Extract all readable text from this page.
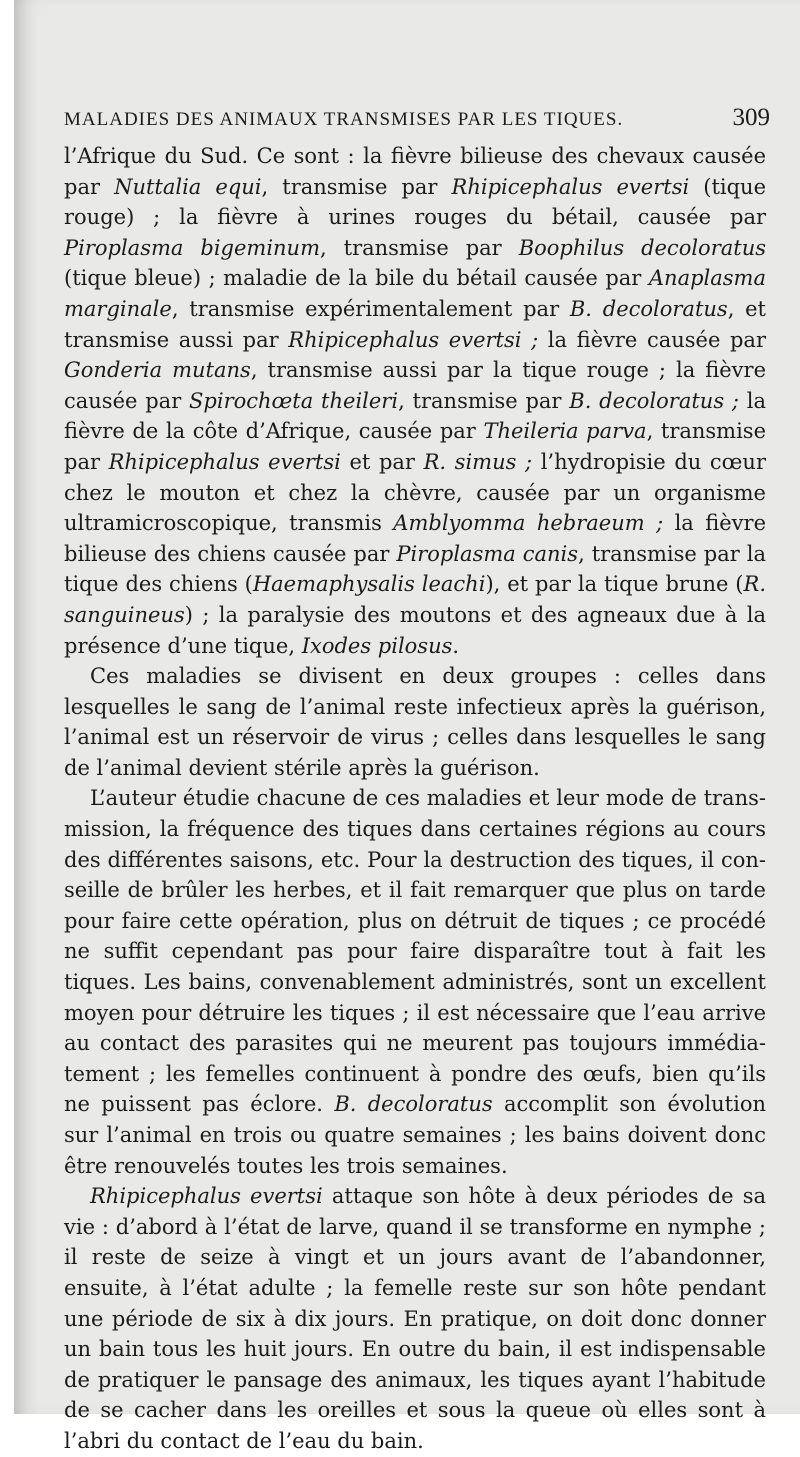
MALADIES DES ANIMAUX TRANSMISES PAR LES TIQUES.	309

l’Afrique du Sud. Ce sont : la fièvre bilieuse des chevaux causée par Nuttalia equi, transmise par Rhipicephalus evertsi (tique rouge) ; la fièvre à urines rouges du bétail, causée par Piroplasma bigeminum, transmise par Boophilus decoloratus (tique bleue) ; maladie de la bile du bétail causée par Anaplasma marginale, transmise expérimentalement par B. decoloratus, et transmise aussi par Rhipicephalus evertsi ; la fièvre causée par Gonderia mutans, transmise aussi par la tique rouge ; la fièvre causée par Spirochœta theileri, transmise par B. decoloratus ; la fièvre de la côte d’Afrique, causée par Theileria parva, transmise par Rhipicephalus evertsi et par R. simus ; l’hydropisie du cœur chez le mouton et chez la chèvre, causée par un organisme ultramicroscopique, transmis Amblyomma hebraeum ; la fièvre bilieuse des chiens causée par Piroplasma canis, transmise par la tique des chiens (Haemaphysalis leachi), et par la tique brune (R. sanguineus) ; la paralysie des moutons et des agneaux due à la présence d’une tique, Ixodes pilosus.

Ces maladies se divisent en deux groupes : celles dans lesquelles le sang de l’animal reste infectieux après la guérison, l’animal est un réservoir de virus ; celles dans lesquelles le sang de l’animal devient stérile après la guérison.

L’auteur étudie chacune de ces maladies et leur mode de transmission, la fréquence des tiques dans certaines régions au cours des différentes saisons, etc. Pour la destruction des tiques, il conseille de brûler les herbes, et il fait remarquer que plus on tarde pour faire cette opération, plus on détruit de tiques ; ce procédé ne suffit cependant pas pour faire disparaître tout à fait les tiques. Les bains, convenablement administrés, sont un excellent moyen pour détruire les tiques ; il est nécessaire que l’eau arrive au contact des parasites qui ne meurent pas toujours immédiatement ; les femelles continuent à pondre des œufs, bien qu’ils ne puissent pas éclore. B. decoloratus accomplit son évolution sur l’animal en trois ou quatre semaines ; les bains doivent donc être renouvelés toutes les trois semaines.

Rhipicephalus evertsi attaque son hôte à deux périodes de sa vie : d’abord à l’état de larve, quand il se transforme en nymphe ; il reste de seize à vingt et un jours avant de l’abandonner, ensuite, à l’état adulte ; la femelle reste sur son hôte pendant une période de six à dix jours. En pratique, on doit donc donner un bain tous les huit jours. En outre du bain, il est indispensable de pratiquer le pansage des animaux, les tiques ayant l’habitude de se cacher dans les oreilles et sous la queue où elles sont à l’abri du contact de l’eau du bain.
